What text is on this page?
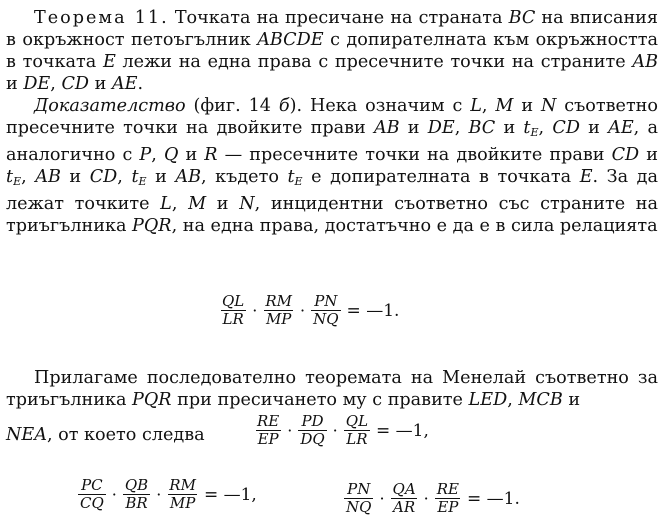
Теорема 11. Точката на пресичане на страната BC на вписания в окръжност петоъгълник ABCDE с допирателната към окръжността в точката E лежи на една права с пресечните точки на страните AB и DE, CD и AE.

Доказателство (фиг. 14 б). Нека означим с L, M и N съответно пресечните точки на двойките прави AB и DE, BC и $t_E$, CD и AE, а аналогично с P, Q и R — пресечните точки на двойките прави CD и $t_E$, AB и CD, $t_E$ и AB, където $t_E$ е допирателната в точката E. За да лежат точките L, M и N, инцидентни съответно със страните на триъгълника PQR, на една права, достатъчно е да е в сила релацията

$\frac{QL}{LR} \cdot \frac{RM}{MP} \cdot \frac{PN}{NQ}$ = —1.

Прилагаме последователно теоремата на Менелай съответно за триъгълника PQR при пресичането му с правите LED, MCB и

NEA, от което следва	$\frac{RE}{EP} \cdot \frac{PD}{DQ} \cdot \frac{QL}{LR}$ = —1,
$\frac{PC}{CQ} \cdot \frac{QB}{BR} \cdot \frac{RM}{MP}$ = —1,	$\frac{PN}{NQ} \cdot \frac{QA}{AR} \cdot \frac{RE}{EP}$ = —1.
